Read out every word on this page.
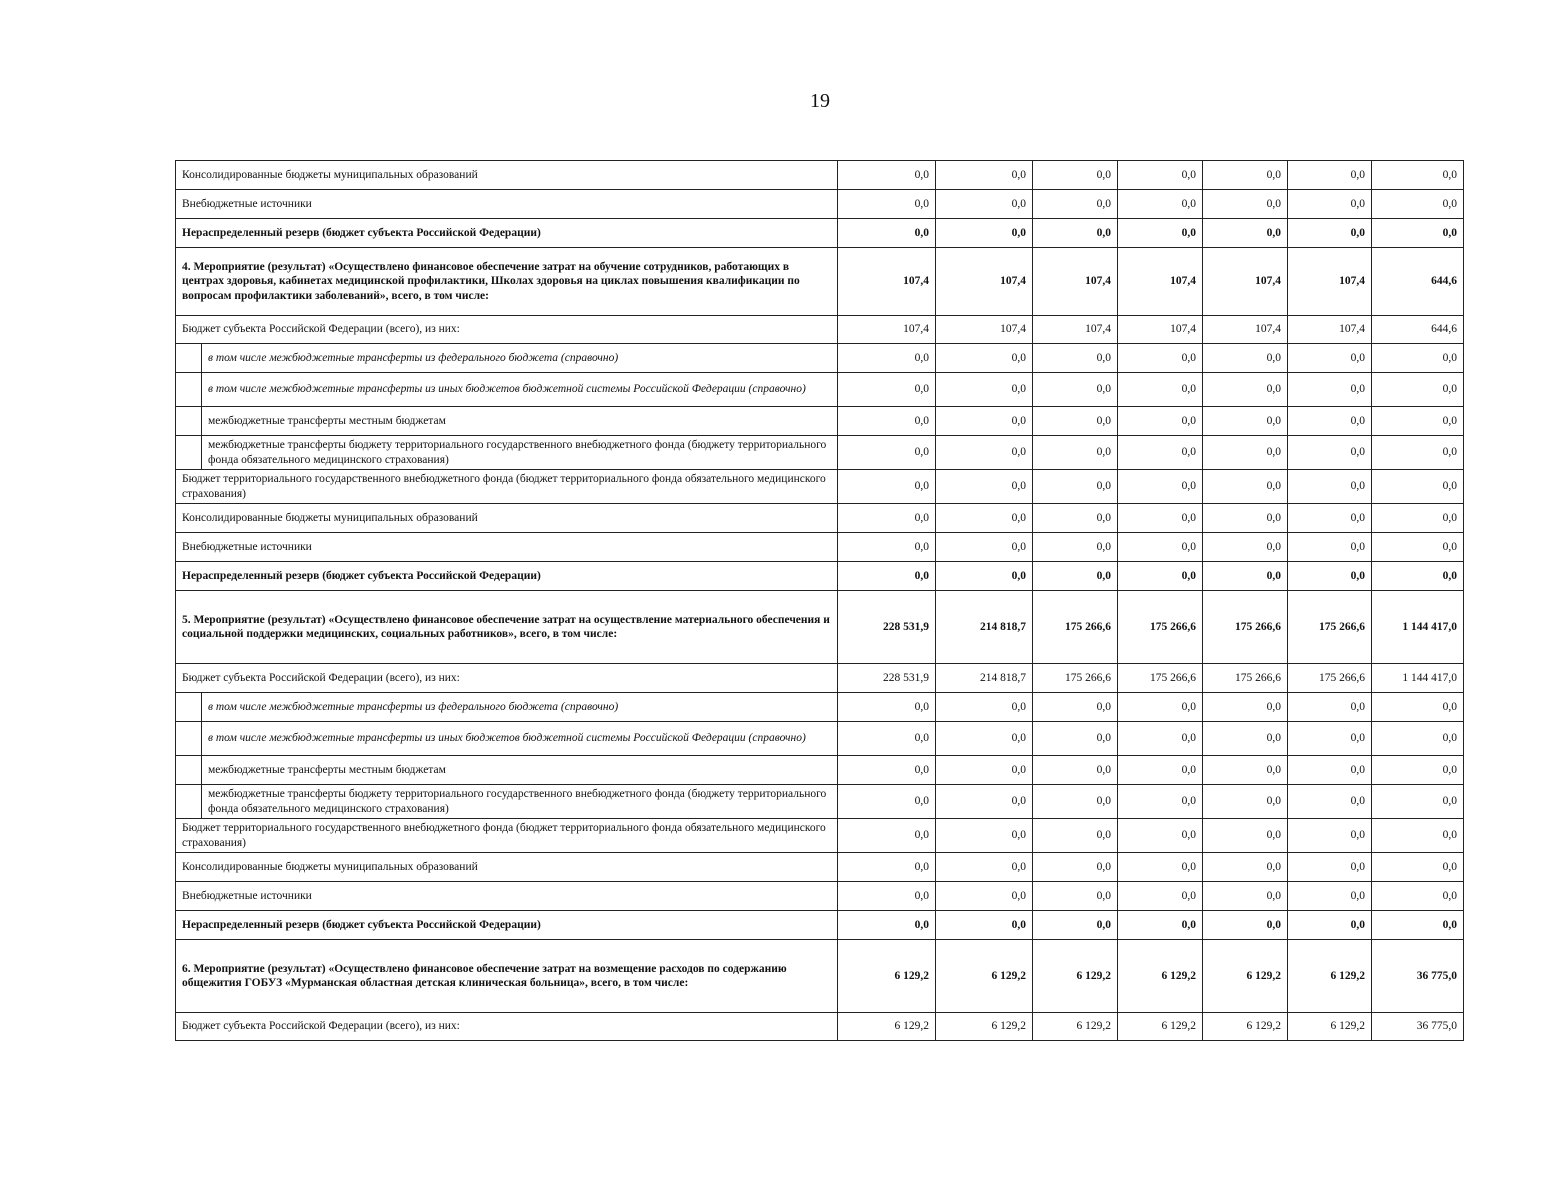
19
Консолидированные бюджеты муниципальных образований		0,0	0,0	0,0	0,0	0,0	0,0	0,0
Внебюджетные источники		0,0	0,0	0,0	0,0	0,0	0,0	0,0
Нераспределенный резерв (бюджет субъекта Российской Федерации)		0,0	0,0	0,0	0,0	0,0	0,0	0,0
4. Мероприятие (результат) «Осуществлено финансовое обеспечение затрат на обучение сотрудников, работающих в центрах здоровья, кабинетах медицинской профилактики, Школах здоровья на циклах повышения квалификации по вопросам профилактики заболеваний», всего, в том числе:		107,4	107,4	107,4	107,4	107,4	107,4	644,6
Бюджет субъекта Российской Федерации (всего), из них:		107,4	107,4	107,4	107,4	107,4	107,4	644,6
	в том числе межбюджетные трансферты из федерального бюджета (справочно)	0,0	0,0	0,0	0,0	0,0	0,0	0,0
	в том числе межбюджетные трансферты из иных бюджетов бюджетной системы Российской Федерации (справочно)	0,0	0,0	0,0	0,0	0,0	0,0	0,0
	межбюджетные трансферты местным бюджетам	0,0	0,0	0,0	0,0	0,0	0,0	0,0
	межбюджетные трансферты бюджету территориального государственного внебюджетного фонда (бюджету территориального фонда обязательного медицинского страхования)	0,0	0,0	0,0	0,0	0,0	0,0	0,0
Бюджет территориального государственного внебюджетного фонда (бюджет территориального фонда обязательного медицинского страхования)		0,0	0,0	0,0	0,0	0,0	0,0	0,0
Консолидированные бюджеты муниципальных образований		0,0	0,0	0,0	0,0	0,0	0,0	0,0
Внебюджетные источники		0,0	0,0	0,0	0,0	0,0	0,0	0,0
Нераспределенный резерв (бюджет субъекта Российской Федерации)		0,0	0,0	0,0	0,0	0,0	0,0	0,0
5. Мероприятие (результат) «Осуществлено финансовое обеспечение затрат на осуществление материального обеспечения и социальной поддержки медицинских, социальных работников», всего, в том числе:		228 531,9	214 818,7	175 266,6	175 266,6	175 266,6	175 266,6	1 144 417,0
Бюджет субъекта Российской Федерации (всего), из них:		228 531,9	214 818,7	175 266,6	175 266,6	175 266,6	175 266,6	1 144 417,0
	в том числе межбюджетные трансферты из федерального бюджета (справочно)	0,0	0,0	0,0	0,0	0,0	0,0	0,0
	в том числе межбюджетные трансферты из иных бюджетов бюджетной системы Российской Федерации (справочно)	0,0	0,0	0,0	0,0	0,0	0,0	0,0
	межбюджетные трансферты местным бюджетам	0,0	0,0	0,0	0,0	0,0	0,0	0,0
	межбюджетные трансферты бюджету территориального государственного внебюджетного фонда (бюджету территориального фонда обязательного медицинского страхования)	0,0	0,0	0,0	0,0	0,0	0,0	0,0
Бюджет территориального государственного внебюджетного фонда (бюджет территориального фонда обязательного медицинского страхования)		0,0	0,0	0,0	0,0	0,0	0,0	0,0
Консолидированные бюджеты муниципальных образований		0,0	0,0	0,0	0,0	0,0	0,0	0,0
Внебюджетные источники		0,0	0,0	0,0	0,0	0,0	0,0	0,0
Нераспределенный резерв (бюджет субъекта Российской Федерации)		0,0	0,0	0,0	0,0	0,0	0,0	0,0
6. Мероприятие (результат) «Осуществлено финансовое обеспечение затрат на возмещение расходов по содержанию общежития ГОБУЗ «Мурманская областная детская клиническая больница», всего, в том числе:		6 129,2	6 129,2	6 129,2	6 129,2	6 129,2	6 129,2	36 775,0
Бюджет субъекта Российской Федерации (всего), из них:		6 129,2	6 129,2	6 129,2	6 129,2	6 129,2	6 129,2	36 775,0
